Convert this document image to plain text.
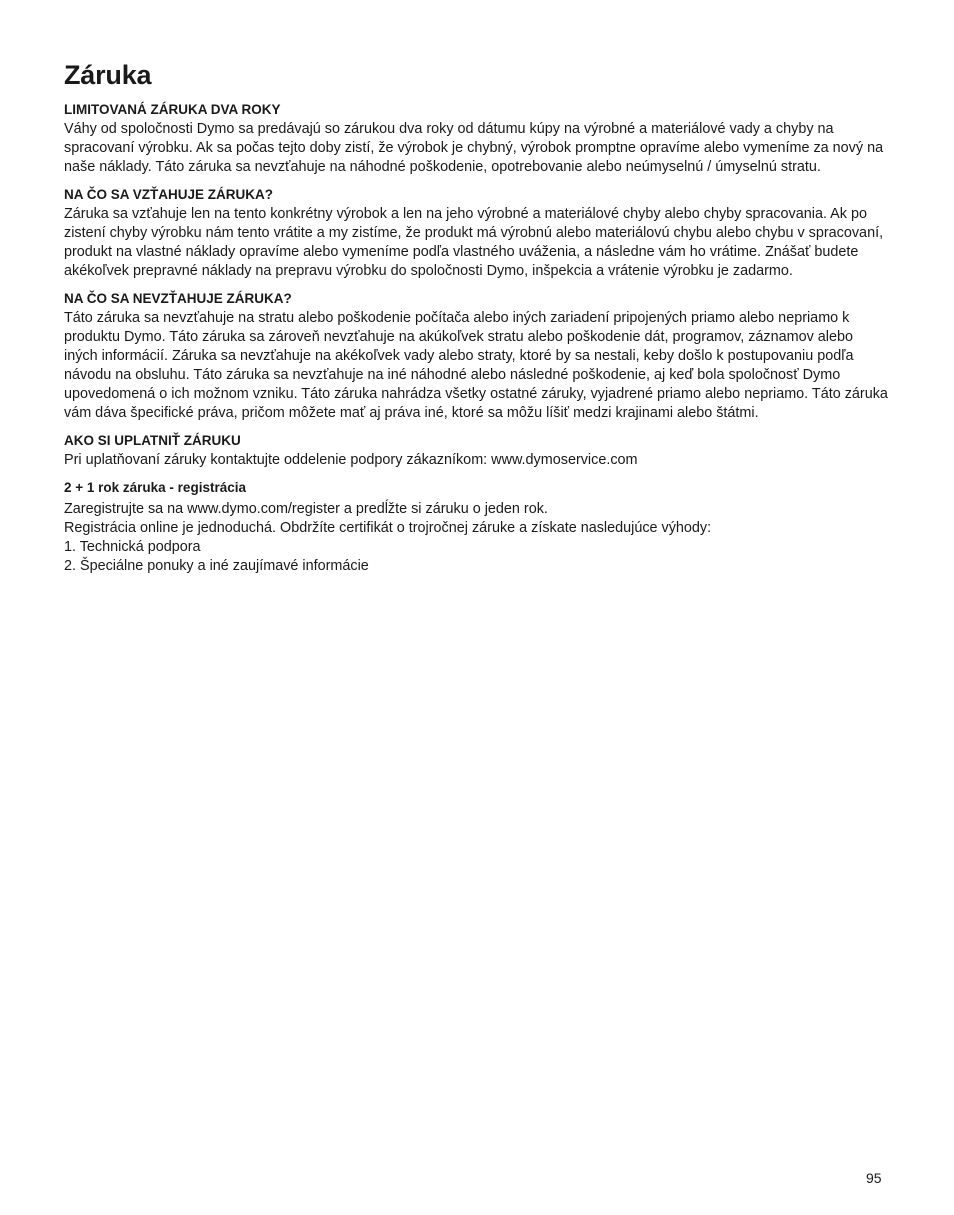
Záruka
LIMITOVANÁ ZÁRUKA DVA ROKY
Váhy od spoločnosti Dymo sa predávajú so zárukou dva roky od dátumu kúpy na výrobné a materiálové vady a chyby na spracovaní výrobku. Ak sa počas tejto doby zistí, že výrobok je chybný, výrobok promptne opravíme alebo vymeníme za nový na naše náklady. Táto záruka sa nevzťahuje na náhodné poškodenie, opotrebovanie alebo neúmyselnú / úmyselnú stratu.
NA ČO SA VZŤAHUJE ZÁRUKA?
Záruka sa vzťahuje len na tento konkrétny výrobok a len na jeho výrobné a materiálové chyby alebo chyby spracovania. Ak po zistení chyby výrobku nám tento vrátite a my zistíme, že produkt má výrobnú alebo materiálovú chybu alebo chybu v spracovaní, produkt na vlastné náklady opravíme alebo vymeníme podľa vlastného uváženia, a následne vám ho vrátime. Znášať budete akékoľvek prepravné náklady na prepravu výrobku do spoločnosti Dymo, inšpekcia a vrátenie výrobku je zadarmo.
NA ČO SA NEVZŤAHUJE ZÁRUKA?
Táto záruka sa nevzťahuje na stratu alebo poškodenie počítača alebo iných zariadení pripojených priamo alebo nepriamo k produktu Dymo. Táto záruka sa zároveň nevzťahuje na akúkoľvek stratu alebo poškodenie dát, programov, záznamov alebo iných informácií. Záruka sa nevzťahuje na akékoľvek vady alebo straty, ktoré by sa nestali, keby došlo k postupovaniu podľa návodu na obsluhu. Táto záruka sa nevzťahuje na iné náhodné alebo následné poškodenie, aj keď bola spoločnosť Dymo upovedomená o ich možnom vzniku. Táto záruka nahrádza všetky ostatné záruky, vyjadrené priamo alebo nepriamo. Táto záruka vám dáva špecifické práva, pričom môžete mať aj práva iné, ktoré sa môžu líšiť medzi krajinami alebo štátmi.
AKO SI UPLATNIŤ ZÁRUKU
Pri uplatňovaní záruky kontaktujte oddelenie podpory zákazníkom: www.dymoservice.com
2 + 1 rok záruka - registrácia
Zaregistrujte sa na www.dymo.com/register a predĺžte si záruku o jeden rok.
Registrácia online je jednoduchá. Obdržíte certifikát o trojročnej záruke a získate nasledujúce výhody:
1. Technická podpora
2. Špeciálne ponuky a iné zaujímavé informácie
95
